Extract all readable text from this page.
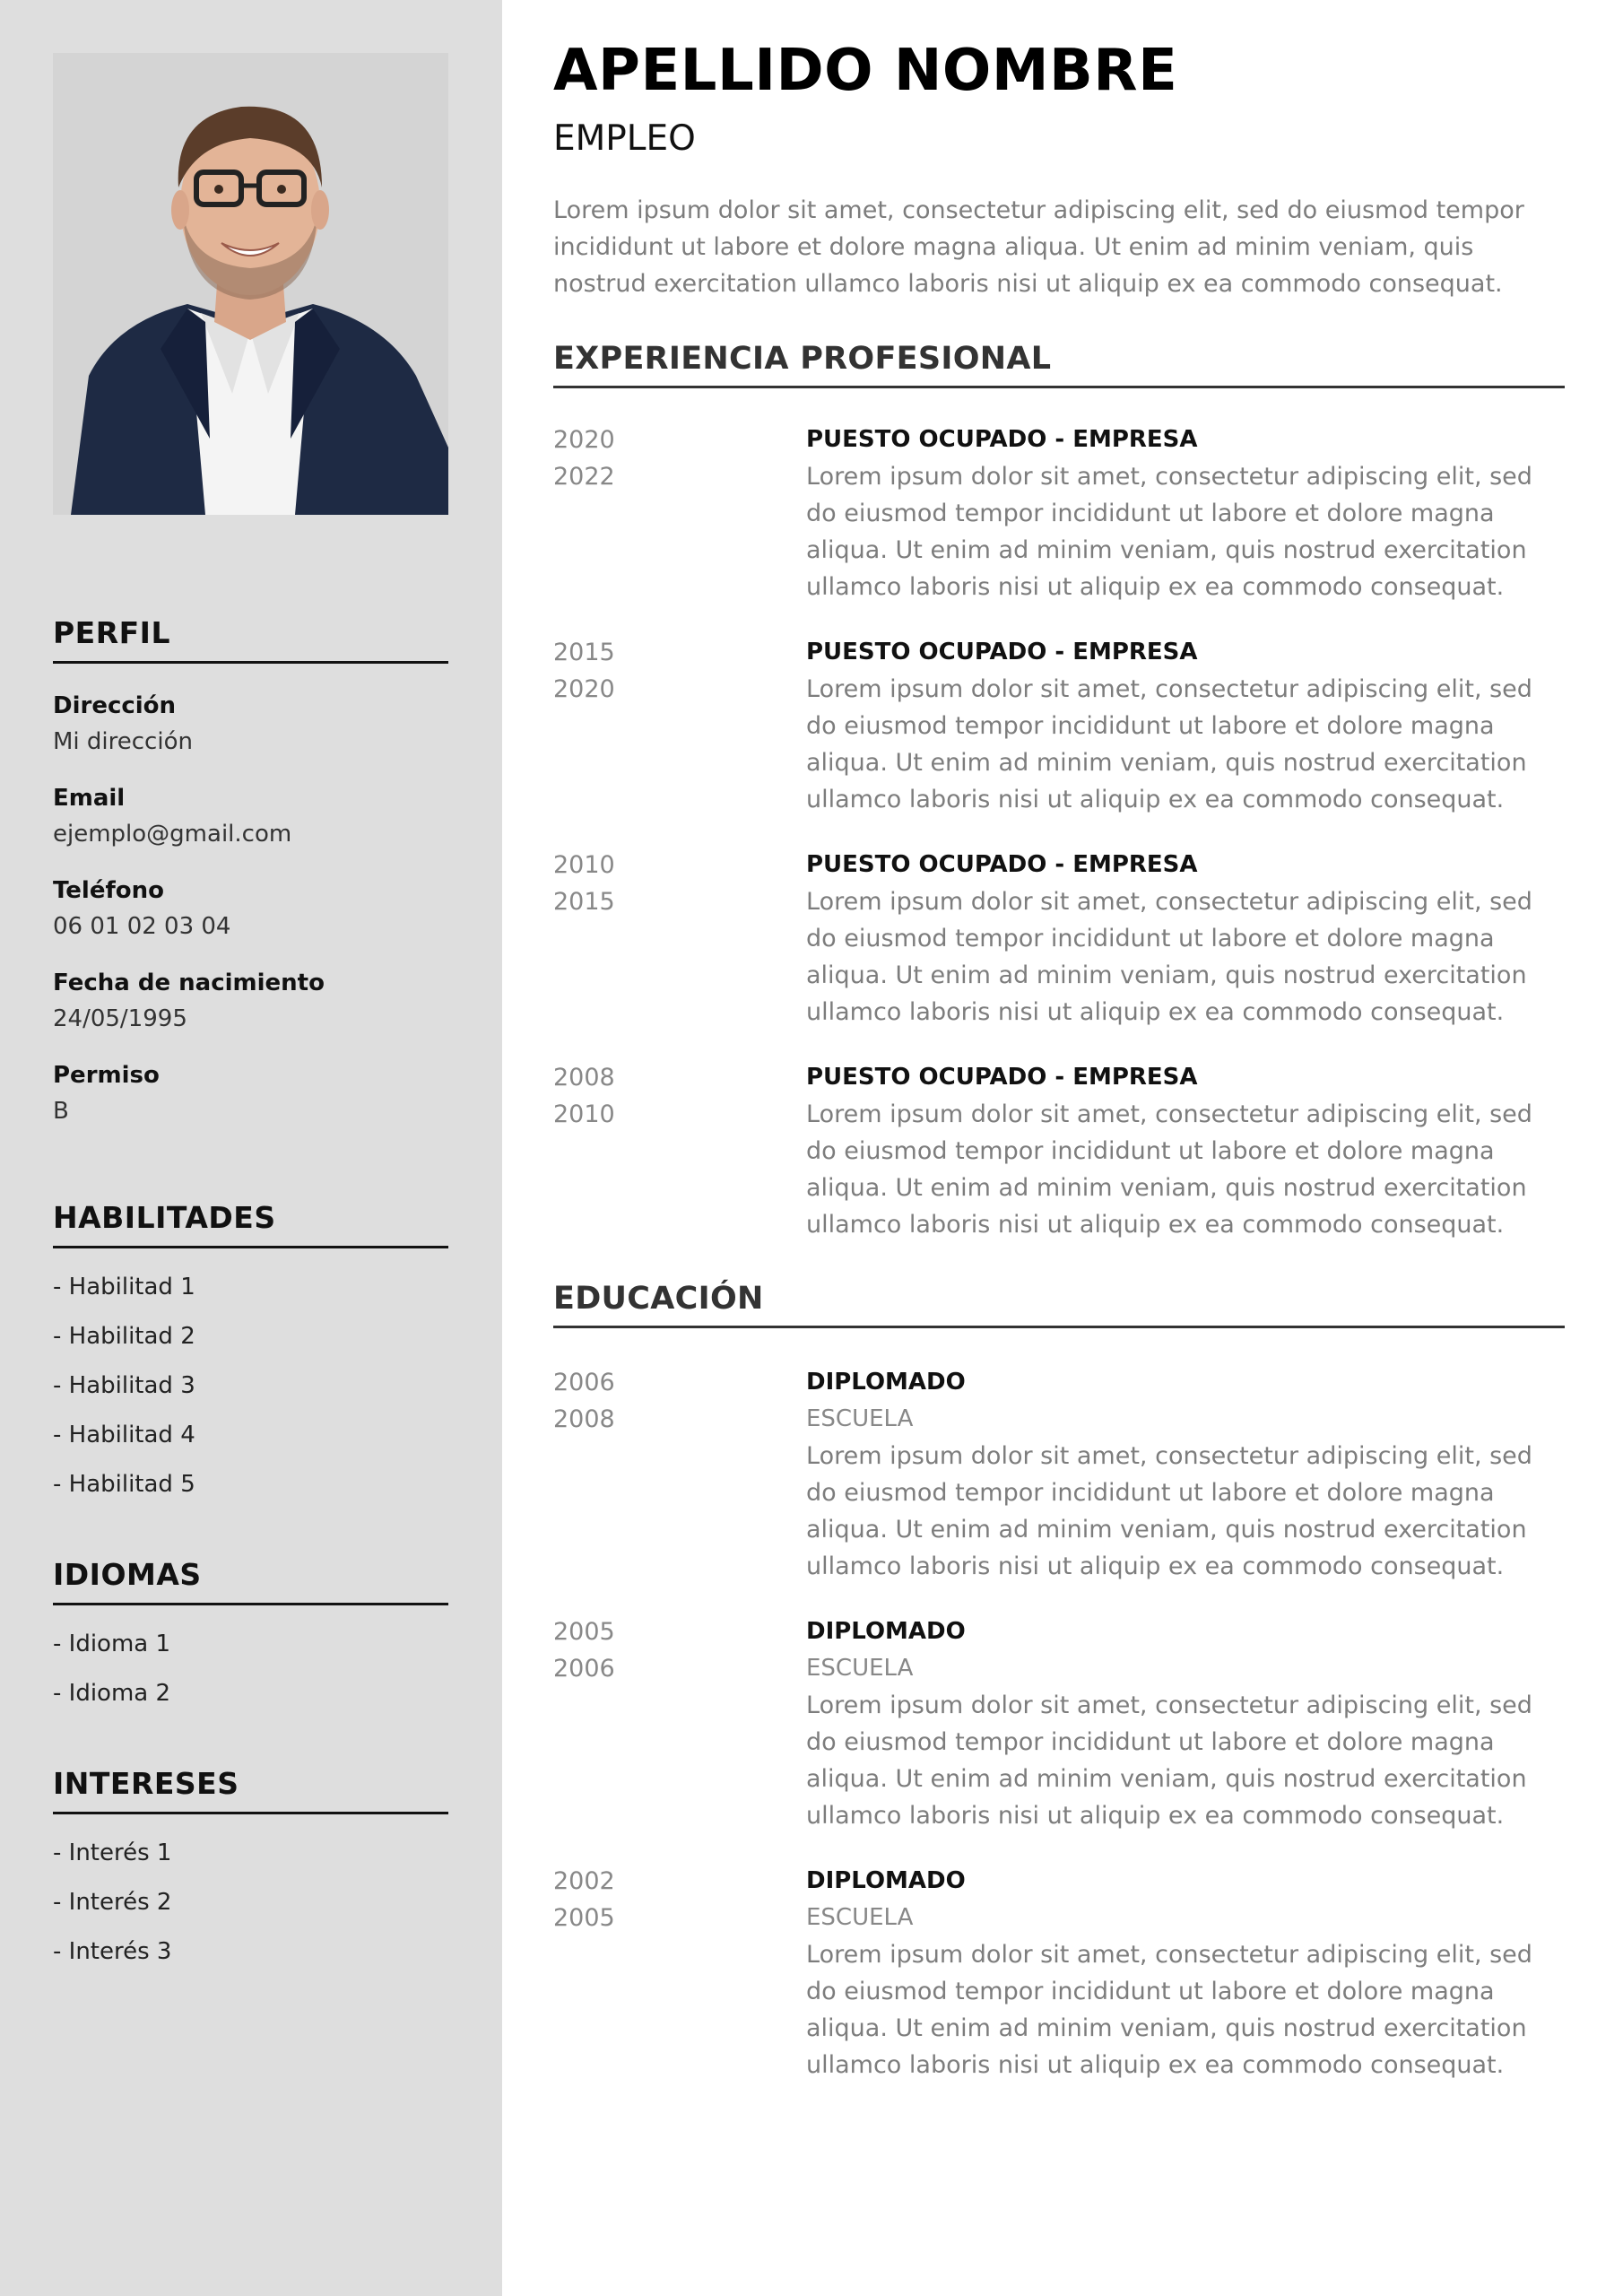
PERFIL
Dirección
Mi dirección
Email
ejemplo@gmail.com
Teléfono
06 01 02 03 04
Fecha de nacimiento
24/05/1995
Permiso
B
HABILITADES
- Habilitad 1
- Habilitad 2
- Habilitad 3
- Habilitad 4
- Habilitad 5
IDIOMAS
- Idioma 1
- Idioma 2
INTERESES
- Interés 1
- Interés 2
- Interés 3
APELLIDO NOMBRE
EMPLEO
Lorem ipsum dolor sit amet, consectetur adipiscing elit, sed do eiusmod tempor incididunt ut labore et dolore magna aliqua. Ut enim ad minim veniam, quis nostrud exercitation ullamco laboris nisi ut aliquip ex ea commodo consequat.
EXPERIENCIA PROFESIONAL
2020
2022
PUESTO OCUPADO - EMPRESA
Lorem ipsum dolor sit amet, consectetur adipiscing elit, sed do eiusmod tempor incididunt ut labore et dolore magna aliqua. Ut enim ad minim veniam, quis nostrud exercitation ullamco laboris nisi ut aliquip ex ea commodo consequat.
2015
2020
PUESTO OCUPADO - EMPRESA
Lorem ipsum dolor sit amet, consectetur adipiscing elit, sed do eiusmod tempor incididunt ut labore et dolore magna aliqua. Ut enim ad minim veniam, quis nostrud exercitation ullamco laboris nisi ut aliquip ex ea commodo consequat.
2010
2015
PUESTO OCUPADO - EMPRESA
Lorem ipsum dolor sit amet, consectetur adipiscing elit, sed do eiusmod tempor incididunt ut labore et dolore magna aliqua. Ut enim ad minim veniam, quis nostrud exercitation ullamco laboris nisi ut aliquip ex ea commodo consequat.
2008
2010
PUESTO OCUPADO - EMPRESA
Lorem ipsum dolor sit amet, consectetur adipiscing elit, sed do eiusmod tempor incididunt ut labore et dolore magna aliqua. Ut enim ad minim veniam, quis nostrud exercitation ullamco laboris nisi ut aliquip ex ea commodo consequat.
EDUCACIÓN
2006
2008
DIPLOMADO
ESCUELA
Lorem ipsum dolor sit amet, consectetur adipiscing elit, sed do eiusmod tempor incididunt ut labore et dolore magna aliqua. Ut enim ad minim veniam, quis nostrud exercitation ullamco laboris nisi ut aliquip ex ea commodo consequat.
2005
2006
DIPLOMADO
ESCUELA
Lorem ipsum dolor sit amet, consectetur adipiscing elit, sed do eiusmod tempor incididunt ut labore et dolore magna aliqua. Ut enim ad minim veniam, quis nostrud exercitation ullamco laboris nisi ut aliquip ex ea commodo consequat.
2002
2005
DIPLOMADO
ESCUELA
Lorem ipsum dolor sit amet, consectetur adipiscing elit, sed do eiusmod tempor incididunt ut labore et dolore magna aliqua. Ut enim ad minim veniam, quis nostrud exercitation ullamco laboris nisi ut aliquip ex ea commodo consequat.
